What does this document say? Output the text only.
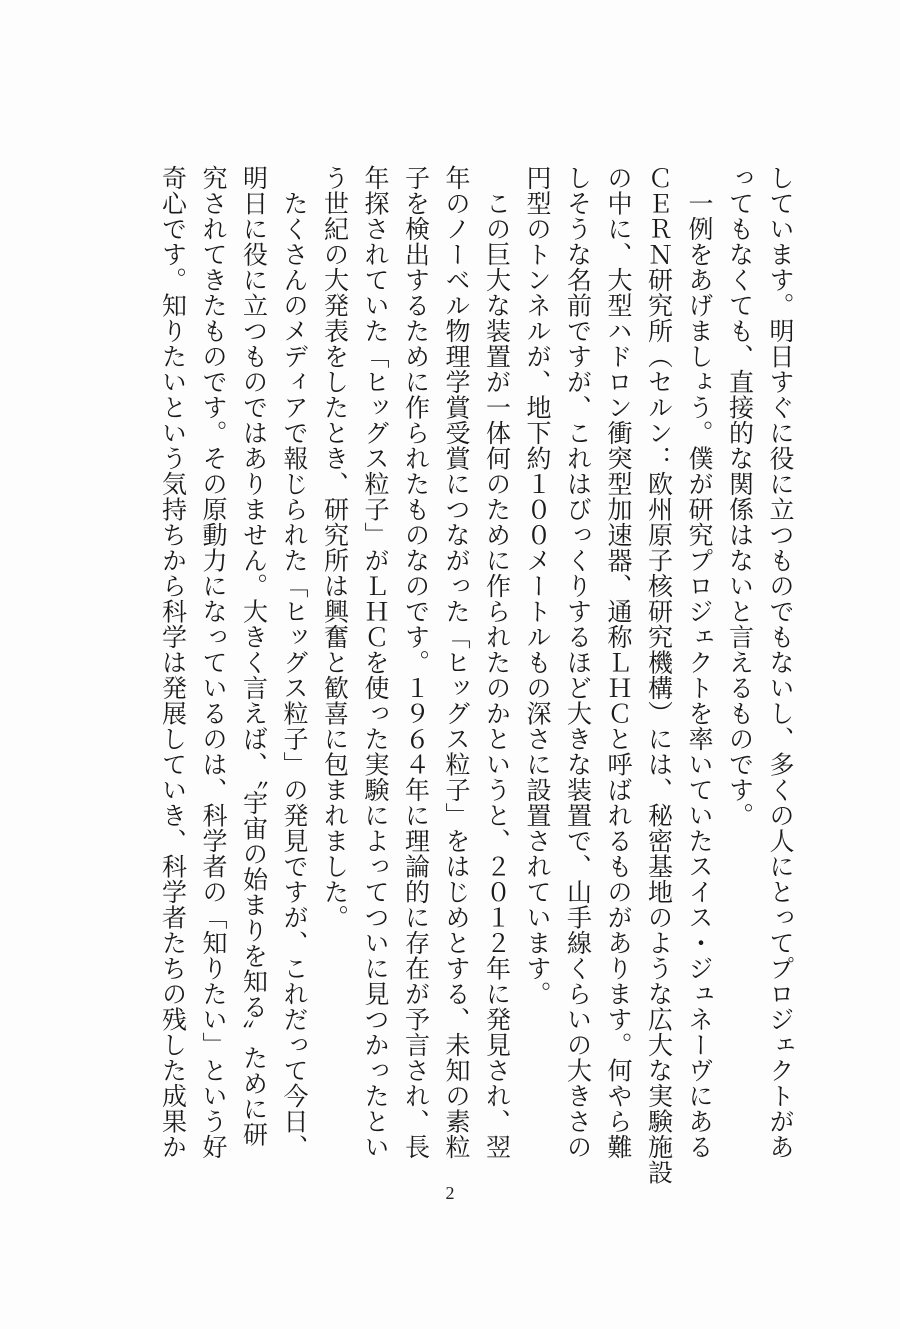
しています。明日すぐに役に立つものでもないし、多くの人にとってプロジェクトがあ
ってもなくても、直接的な関係はないと言えるものです。
　一例をあげましょう。僕が研究プロジェクトを率いていたスイス・ジュネーヴにある
ＣＥＲＮ研究所（セルン：欧州原子核研究機構）には、秘密基地のような広大な実験施設
の中に、大型ハドロン衝突型加速器、通称ＬＨＣと呼ばれるものがあります。何やら難
しそうな名前ですが、これはびっくりするほど大きな装置で、山手線くらいの大きさの
円型のトンネルが、地下約１００メートルもの深さに設置されています。
　この巨大な装置が一体何のために作られたのかというと、２０１２年に発見され、翌
年のノーベル物理学賞受賞につながった「ヒッグス粒子」をはじめとする、未知の素粒
子を検出するために作られたものなのです。１９６４年に理論的に存在が予言され、長
年探されていた「ヒッグス粒子」がＬＨＣを使った実験によってついに見つかったとい
う世紀の大発表をしたとき、研究所は興奮と歓喜に包まれました。
　たくさんのメディアで報じられた「ヒッグス粒子」の発見ですが、これだって今日、
明日に役に立つものではありません。大きく言えば、〝宇宙の始まりを知る〟ために研
究されてきたものです。その原動力になっているのは、科学者の「知りたい」という好
奇心です。知りたいという気持ちから科学は発展していき、科学者たちの残した成果か
2
